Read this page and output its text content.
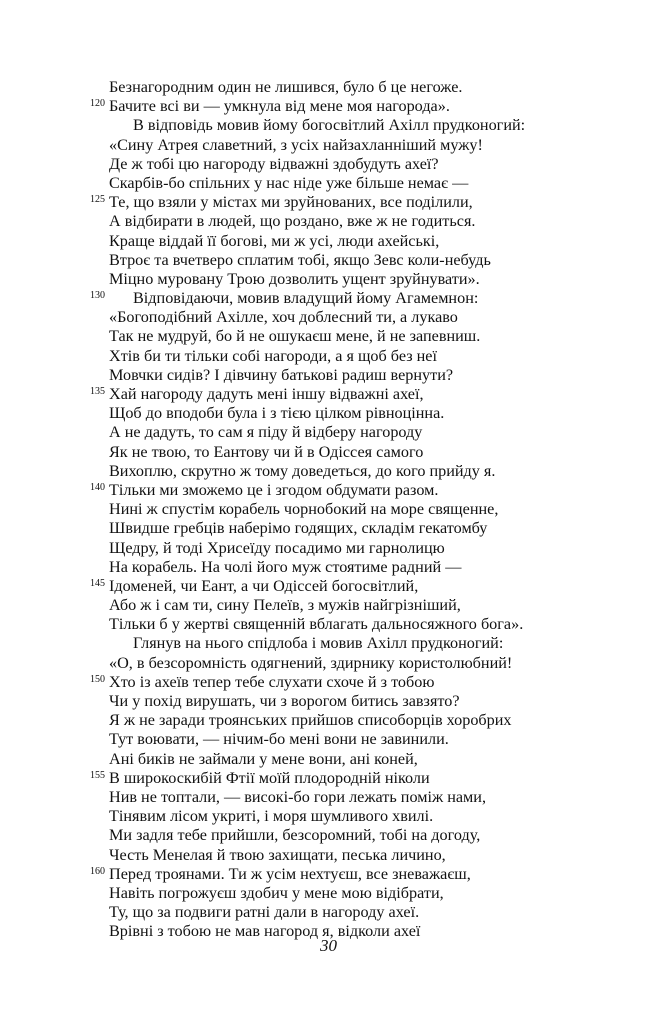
Безнагородним один не лишився, було б це негоже.
120 Бачите всі ви — умкнула від мене моя нагорода».
В відповідь мовив йому богосвітлий Ахілл прудконогий:
«Сину Атрея славетний, з усіх найзахланніший мужу!
Де ж тобі цю нагороду відважні здобудуть ахеї?
Скарбів-бо спільних у нас ніде уже більше немає —
125 Те, що взяли у містах ми зруйнованих, все поділили,
А відбирати в людей, що роздано, вже ж не годиться.
Краще віддай її богові, ми ж усі, люди ахейські,
Втроє та вчетверо сплатим тобі, якщо Зевс коли-небудь
Міцно муровану Трою дозволить ущент зруйнувати».
130 Відповідаючи, мовив владущий йому Агамемнон:
«Богоподібний Ахілле, хоч доблесний ти, а лукаво
Так не мудруй, бо й не ошукаєш мене, й не запевниш.
Хтів би ти тільки собі нагороди, а я щоб без неї
Мовчки сидів? І дівчину батькові радиш вернути?
135 Хай нагороду дадуть мені іншу відважні ахеї,
Щоб до вподоби була і з тією цілком рівноцінна.
А не дадуть, то сам я піду й відберу нагороду
Як не твою, то Еантову чи й в Одіссея самого
Вихоплю, скрутно ж тому доведеться, до кого прийду я.
140 Тільки ми зможемо це і згодом обдумати разом.
Нині ж спустім корабель чорнобокий на море священне,
Швидше гребців наберімо годящих, складім гекатомбу
Щедру, й тоді Хрисеїду посадимо ми гарнолицю
На корабель. На чолі його муж стоятиме радний —
145 Ідоменей, чи Еант, а чи Одіссей богосвітлий,
Або ж і сам ти, сину Пелеїв, з мужів найгрізніший,
Тільки б у жертві священній вблагать дальносяжного бога».
Глянув на нього спідлоба і мовив Ахілл прудконогий:
«О, в безсоромність одягнений, здирнику користолюбний!
150 Хто із ахеїв тепер тебе слухати схоче й з тобою
Чи у похід вирушать, чи з ворогом битись завзято?
Я ж не заради троянських прийшов списоборців хоробрих
Тут воювати, — нічим-бо мені вони не завинили.
Ані биків не займали у мене вони, ані коней,
155 В широкоскибій Фтії моїй плодородній ніколи
Нив не топтали, — високі-бо гори лежать поміж нами,
Тінявим лісом укриті, і моря шумливого хвилі.
Ми задля тебе прийшли, безсоромний, тобі на догоду,
Честь Менелая й твою захищати, песька личино,
160 Перед троянами. Ти ж усім нехтуєш, все зневажаєш,
Навіть погрожуєш здобич у мене мою відібрати,
Ту, що за подвиги ратні дали в нагороду ахеї.
Врівні з тобою не мав нагород я, відколи ахеї
30
